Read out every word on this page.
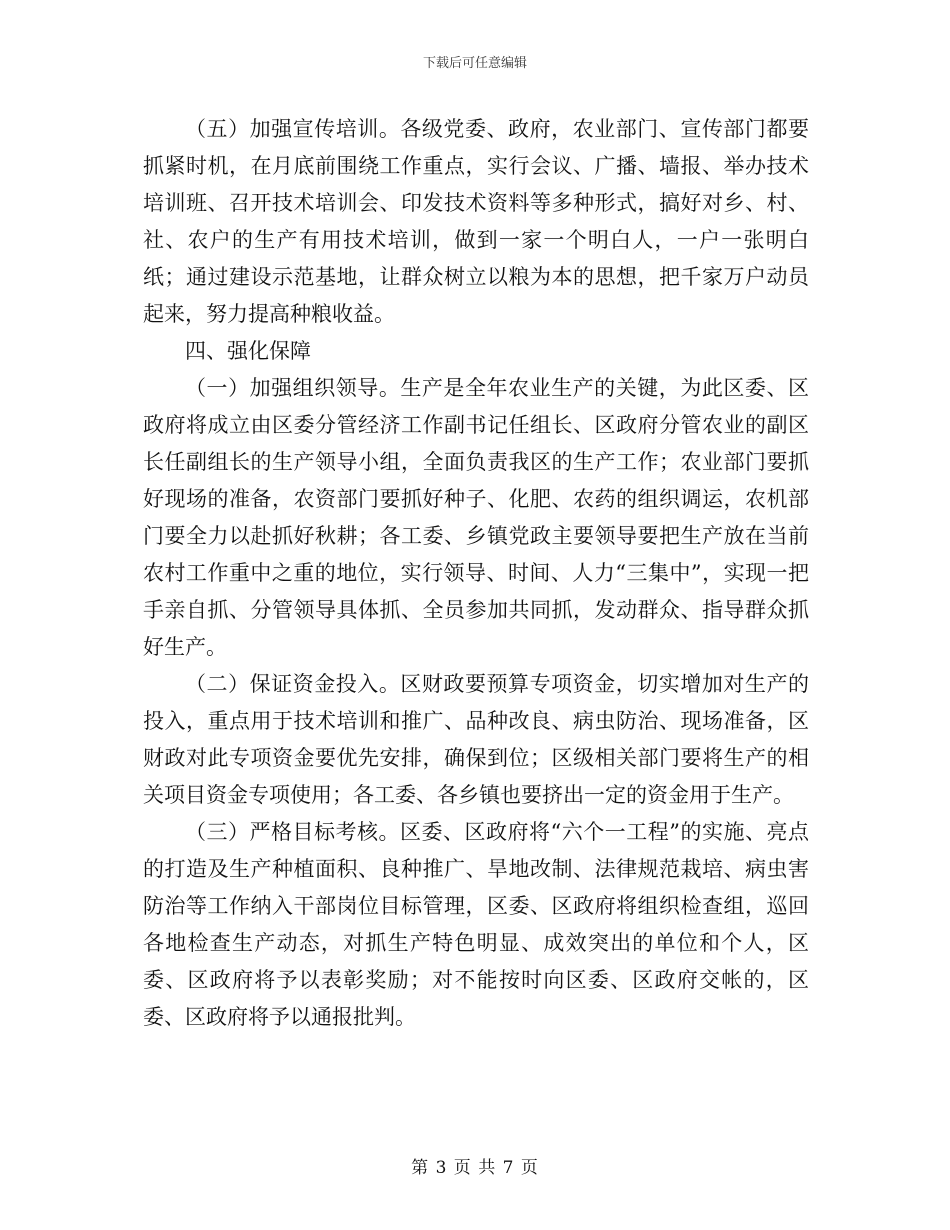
下载后可任意编辑

（五）加强宣传培训。各级党委、政府，农业部门、宣传部门都要抓紧时机，在月底前围绕工作重点，实行会议、广播、墙报、举办技术培训班、召开技术培训会、印发技术资料等多种形式，搞好对乡、村、社、农户的生产有用技术培训，做到一家一个明白人，一户一张明白纸；通过建设示范基地，让群众树立以粮为本的思想，把千家万户动员起来，努力提高种粮收益。

四、强化保障

（一）加强组织领导。生产是全年农业生产的关键，为此区委、区政府将成立由区委分管经济工作副书记任组长、区政府分管农业的副区长任副组长的生产领导小组，全面负责我区的生产工作；农业部门要抓好现场的准备，农资部门要抓好种子、化肥、农药的组织调运，农机部门要全力以赴抓好秋耕；各工委、乡镇党政主要领导要把生产放在当前农村工作重中之重的地位，实行领导、时间、人力“三集中”，实现一把手亲自抓、分管领导具体抓、全员参加共同抓，发动群众、指导群众抓好生产。

（二）保证资金投入。区财政要预算专项资金，切实增加对生产的投入，重点用于技术培训和推广、品种改良、病虫防治、现场准备，区财政对此专项资金要优先安排，确保到位；区级相关部门要将生产的相关项目资金专项使用；各工委、各乡镇也要挤出一定的资金用于生产。

（三）严格目标考核。区委、区政府将“六个一工程”的实施、亮点的打造及生产种植面积、良种推广、旱地改制、法律规范栽培、病虫害防治等工作纳入干部岗位目标管理，区委、区政府将组织检查组，巡回各地检查生产动态，对抓生产特色明显、成效突出的单位和个人，区委、区政府将予以表彰奖励；对不能按时向区委、区政府交帐的，区委、区政府将予以通报批判。

第 3 页 共 7 页
